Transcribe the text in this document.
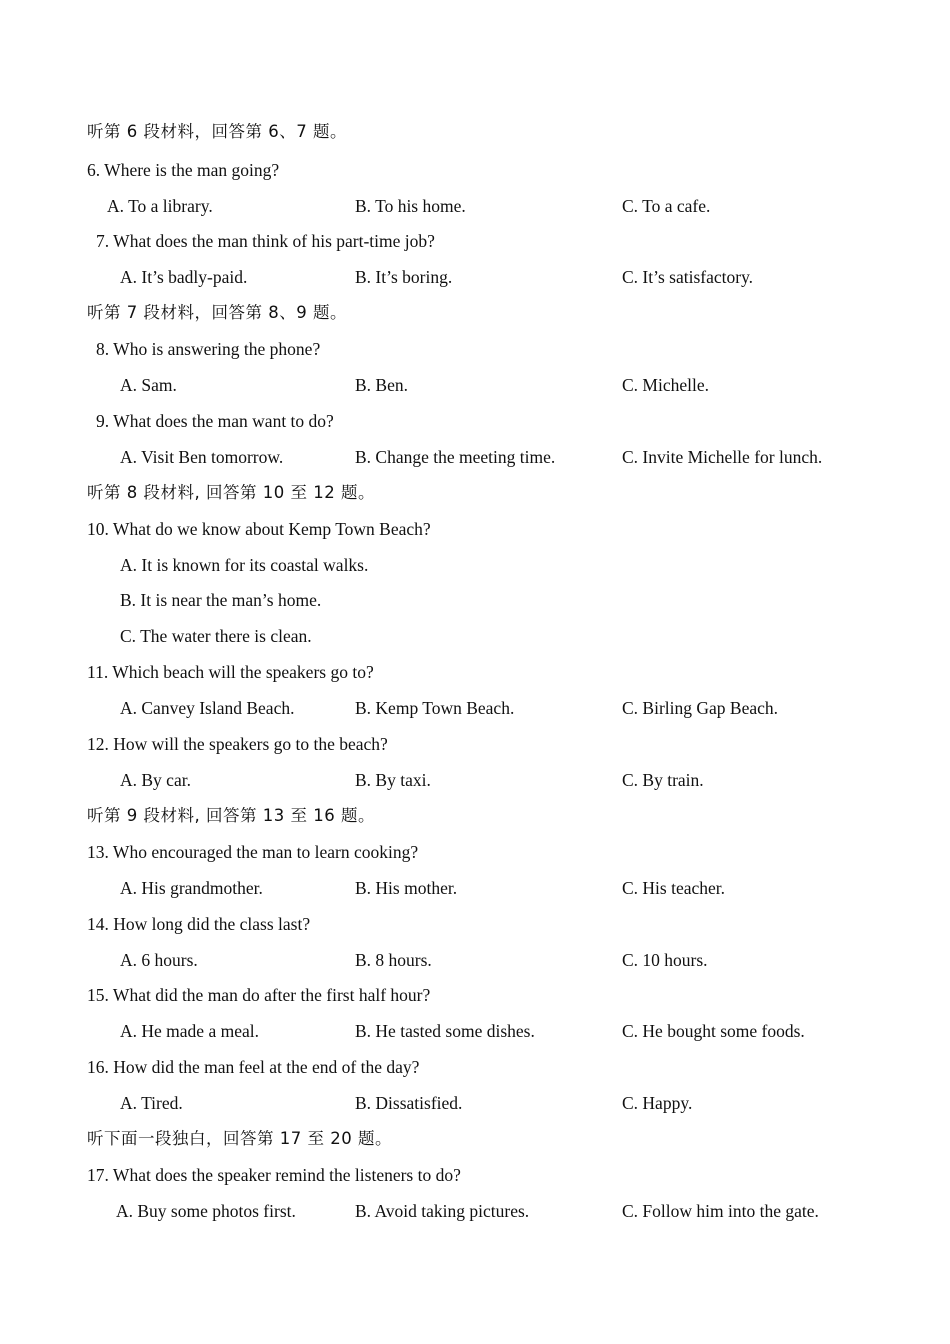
听第 6 段材料，回答第 6、7 题。
6. Where is the man going?
A. To a library.	B. To his home.	C. To a cafe.
7. What does the man think of his part-time job?
A. It’s badly-paid.	B. It’s boring.	C. It’s satisfactory.
听第 7 段材料，回答第 8、9 题。
8. Who is answering the phone?
A. Sam.	B. Ben.	C. Michelle.
9. What does the man want to do?
A. Visit Ben tomorrow.	B. Change the meeting time.	C. Invite Michelle for lunch.
听第 8 段材料, 回答第 10 至 12 题。
10. What do we know about Kemp Town Beach?
A. It is known for its coastal walks.
B. It is near the man’s home.
C. The water there is clean.
11. Which beach will the speakers go to?
A. Canvey Island Beach.	B. Kemp Town Beach.	C. Birling Gap Beach.
12. How will the speakers go to the beach?
A. By car.	B. By taxi.	C. By train.
听第 9 段材料, 回答第 13 至 16 题。
13. Who encouraged the man to learn cooking?
A. His grandmother.	B. His mother.	C. His teacher.
14. How long did the class last?
A. 6 hours.	B. 8 hours.	C. 10 hours.
15. What did the man do after the first half hour?
A. He made a meal.	B. He tasted some dishes.	C. He bought some foods.
16. How did the man feel at the end of the day?
A. Tired.	B. Dissatisfied.	C. Happy.
听下面一段独白，回答第 17 至 20 题。
17. What does the speaker remind the listeners to do?
A. Buy some photos first.	B. Avoid taking pictures.	C. Follow him into the gate.
